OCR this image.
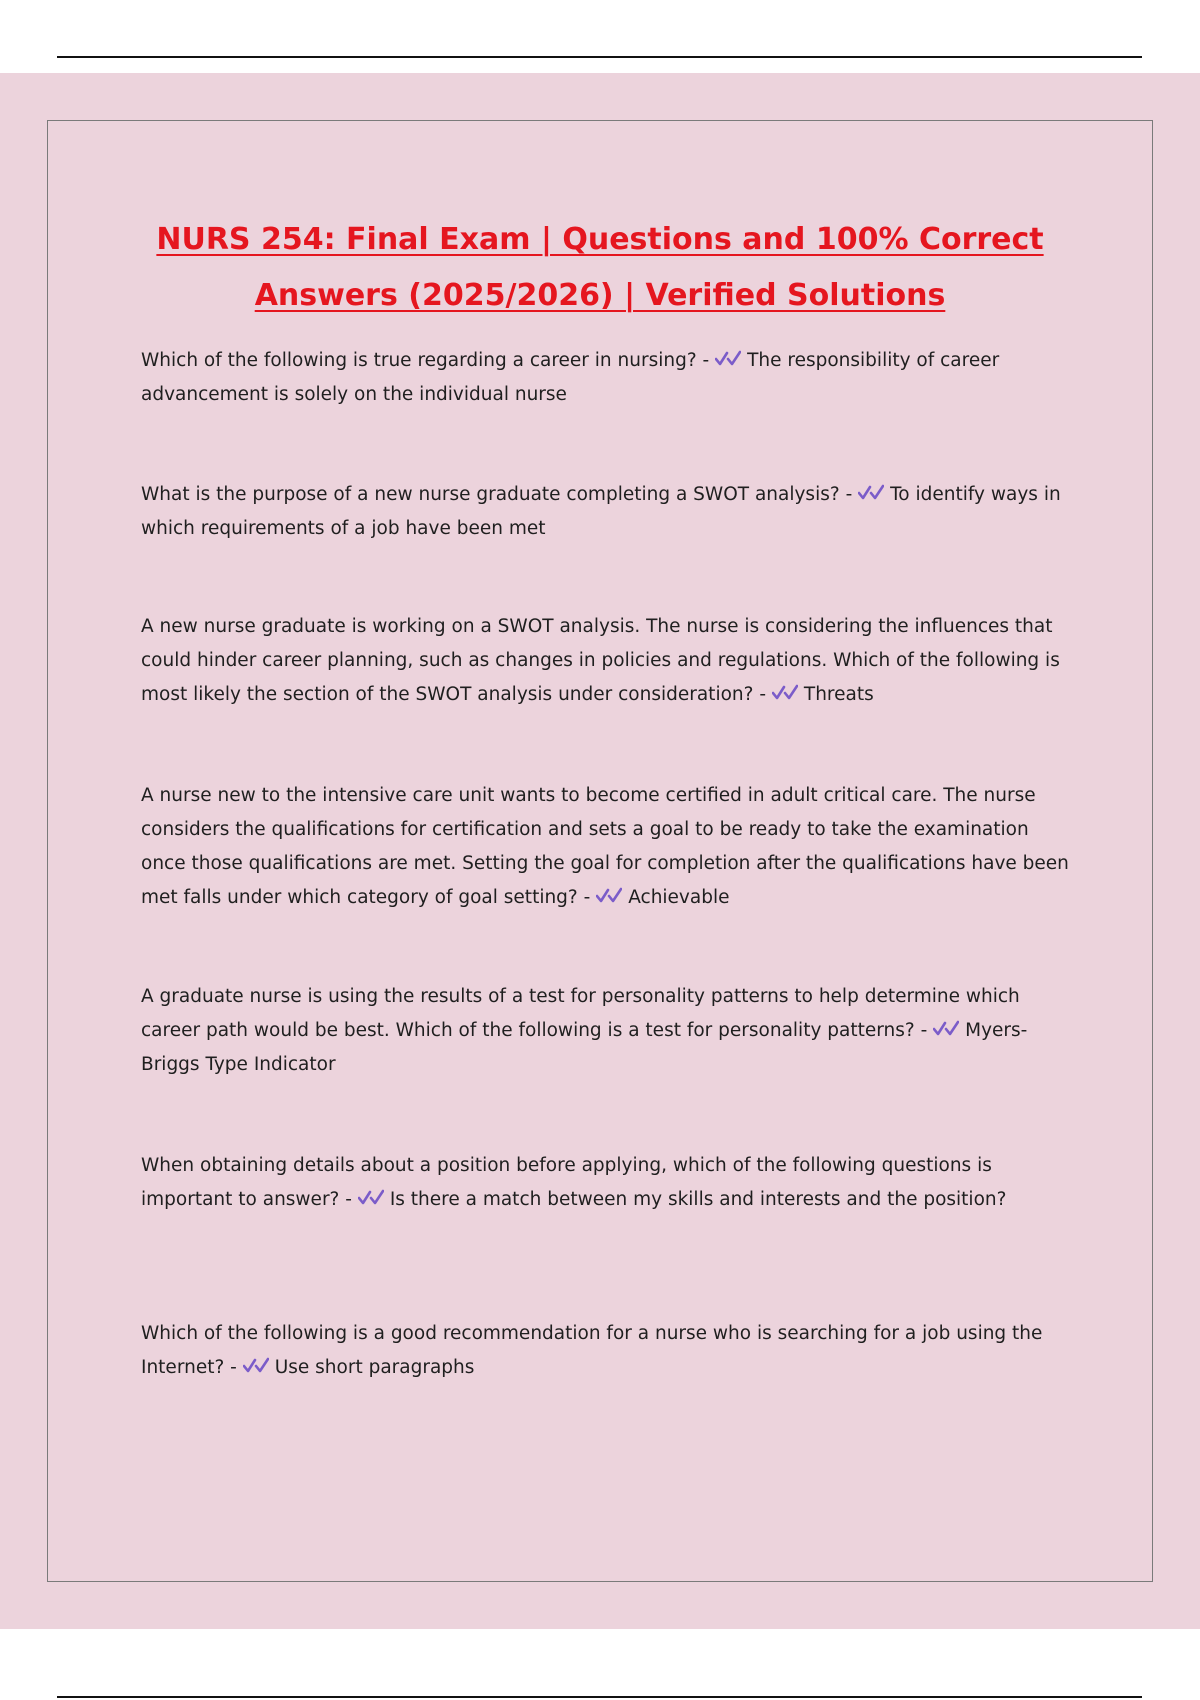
NURS 254: Final Exam | Questions and 100% Correct
Answers (2025/2026) | Verified Solutions

Which of the following is true regarding a career in nursing? -
The responsibility of career advancement is solely on the individual nurse

What is the purpose of a new nurse graduate completing a SWOT analysis? -
To identify ways in which requirements of a job have been met

A new nurse graduate is working on a SWOT analysis. The nurse is considering the influences that could hinder career planning, such as changes in policies and regulations. Which of the following is most likely the section of the SWOT analysis under consideration? -
Threats

A nurse new to the intensive care unit wants to become certified in adult critical care. The nurse considers the qualifications for certification and sets a goal to be ready to take the examination once those qualifications are met. Setting the goal for completion after the qualifications have been met falls under which category of goal setting? -
Achievable

A graduate nurse is using the results of a test for personality patterns to help determine which career path would be best. Which of the following is a test for personality patterns? -
Myers-Briggs Type Indicator

When obtaining details about a position before applying, which of the following questions is important to answer? -
Is there a match between my skills and interests and the position?

Which of the following is a good recommendation for a nurse who is searching for a job using the Internet? -
Use short paragraphs
